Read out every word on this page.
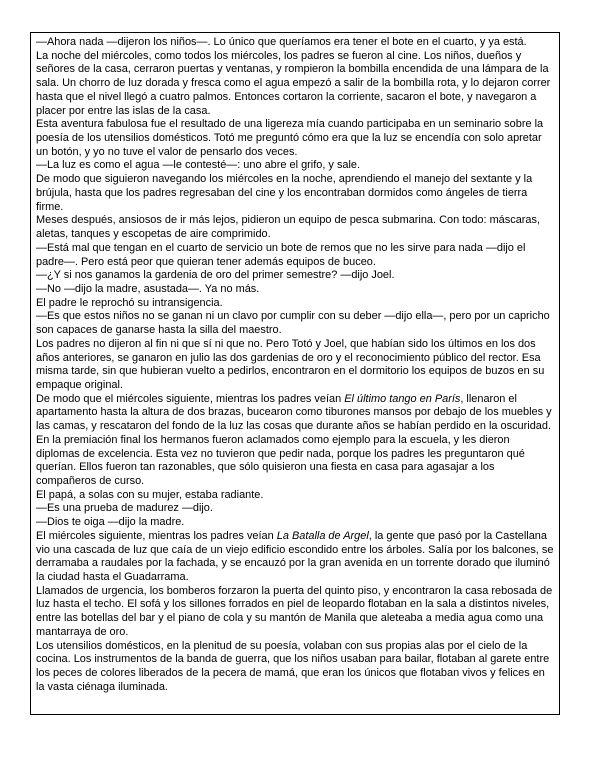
—Ahora nada —dijeron los niños—. Lo único que queríamos era tener el bote en el cuarto, y ya está.

La noche del miércoles, como todos los miércoles, los padres se fueron al cine. Los niños, dueños y señores de la casa, cerraron puertas y ventanas, y rompieron la bombilla encendida de una lámpara de la sala. Un chorro de luz dorada y fresca como el agua empezó a salir de la bombilla rota, y lo dejaron correr hasta que el nivel llegó a cuatro palmos. Entonces cortaron la corriente, sacaron el bote, y navegaron a placer por entre las islas de la casa.

Esta aventura fabulosa fue el resultado de una ligereza mía cuando participaba en un seminario sobre la poesía de los utensilios domésticos. Totó me preguntó cómo era que la luz se encendía con solo apretar un botón, y yo no tuve el valor de pensarlo dos veces.

—La luz es como el agua —le contesté—: uno abre el grifo, y sale.

De modo que siguieron navegando los miércoles en la noche, aprendiendo el manejo del sextante y la brújula, hasta que los padres regresaban del cine y los encontraban dormidos como ángeles de tierra firme.

Meses después, ansiosos de ir más lejos, pidieron un equipo de pesca submarina. Con todo: máscaras, aletas, tanques y escopetas de aire comprimido.

—Está mal que tengan en el cuarto de servicio un bote de remos que no les sirve para nada —dijo el padre—. Pero está peor que quieran tener además equipos de buceo.

—¿Y si nos ganamos la gardenia de oro del primer semestre? —dijo Joel.

—No —dijo la madre, asustada—. Ya no más.

El padre le reprochó su intransigencia.

—Es que estos niños no se ganan ni un clavo por cumplir con su deber —dijo ella—, pero por un capricho son capaces de ganarse hasta la silla del maestro.

Los padres no dijeron al fin ni que sí ni que no. Pero Totó y Joel, que habían sido los últimos en los dos años anteriores, se ganaron en julio las dos gardenias de oro y el reconocimiento público del rector. Esa misma tarde, sin que hubieran vuelto a pedirlos, encontraron en el dormitorio los equipos de buzos en su empaque original.

De modo que el miércoles siguiente, mientras los padres veían El último tango en París, llenaron el apartamento hasta la altura de dos brazas, bucearon como tiburones mansos por debajo de los muebles y las camas, y rescataron del fondo de la luz las cosas que durante años se habían perdido en la oscuridad.

En la premiación final los hermanos fueron aclamados como ejemplo para la escuela, y les dieron diplomas de excelencia. Esta vez no tuvieron que pedir nada, porque los padres les preguntaron qué querían. Ellos fueron tan razonables, que sólo quisieron una fiesta en casa para agasajar a los compañeros de curso.

El papá, a solas con su mujer, estaba radiante.

—Es una prueba de madurez —dijo.

—Dios te oiga —dijo la madre.

El miércoles siguiente, mientras los padres veían La Batalla de Argel, la gente que pasó por la Castellana vio una cascada de luz que caía de un viejo edificio escondido entre los árboles. Salía por los balcones, se derramaba a raudales por la fachada, y se encauzó por la gran avenida en un torrente dorado que iluminó la ciudad hasta el Guadarrama.

Llamados de urgencia, los bomberos forzaron la puerta del quinto piso, y encontraron la casa rebosada de luz hasta el techo. El sofá y los sillones forrados en piel de leopardo flotaban en la sala a distintos niveles, entre las botellas del bar y el piano de cola y su mantón de Manila que aleteaba a media agua como una mantarraya de oro.

Los utensilios domésticos, en la plenitud de su poesía, volaban con sus propias alas por el cielo de la cocina. Los instrumentos de la banda de guerra, que los niños usaban para bailar, flotaban al garete entre los peces de colores liberados de la pecera de mamá, que eran los únicos que flotaban vivos y felices en la vasta ciénaga iluminada.
